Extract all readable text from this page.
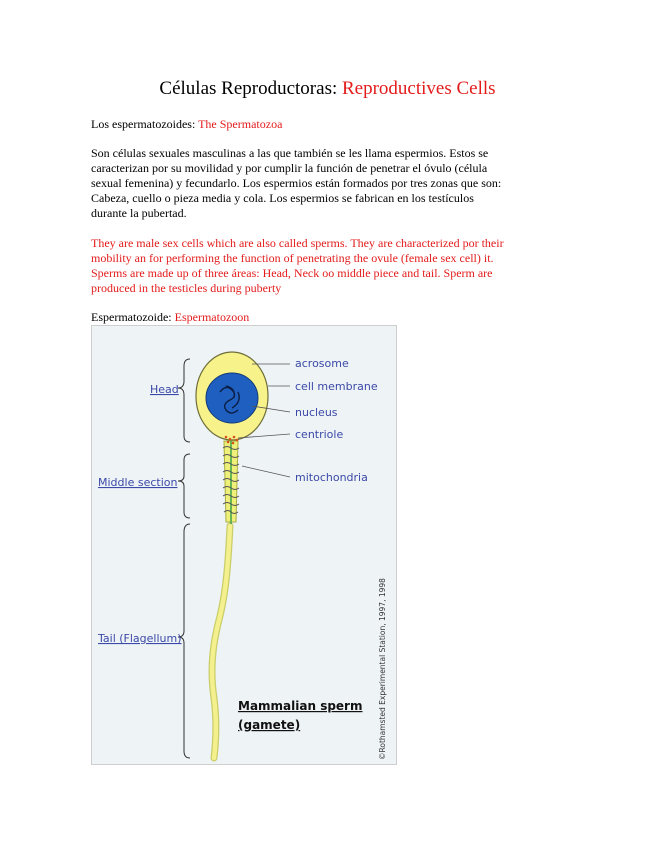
Células Reproductoras: Reproductives Cells
Los espermatozoides: The Spermatozoa
Son células sexuales masculinas a las que también se les llama espermios. Estos se
caracterizan por su movilidad y por cumplir la función de penetrar el óvulo (célula
sexual femenina) y fecundarlo. Los espermios están formados por tres zonas que son:
Cabeza, cuello o pieza media y cola. Los espermios se fabrican en los testículos
durante la pubertad.
They are male sex cells which are also called sperms. They are characterized por their
mobility an for performing the function of penetrating the ovule (female sex cell) it.
Sperms are made up of three áreas: Head, Neck oo middle piece and tail. Sperm are
produced in the testicles during puberty
Espermatozoide: Espermatozoon
Head
Middle section
Tail (Flagellum)
acrosome
cell membrane
nucleus
centriole
mitochondria
Mammalian sperm
(gamete)	©Rothamsted Experimental Station, 1997, 1998
